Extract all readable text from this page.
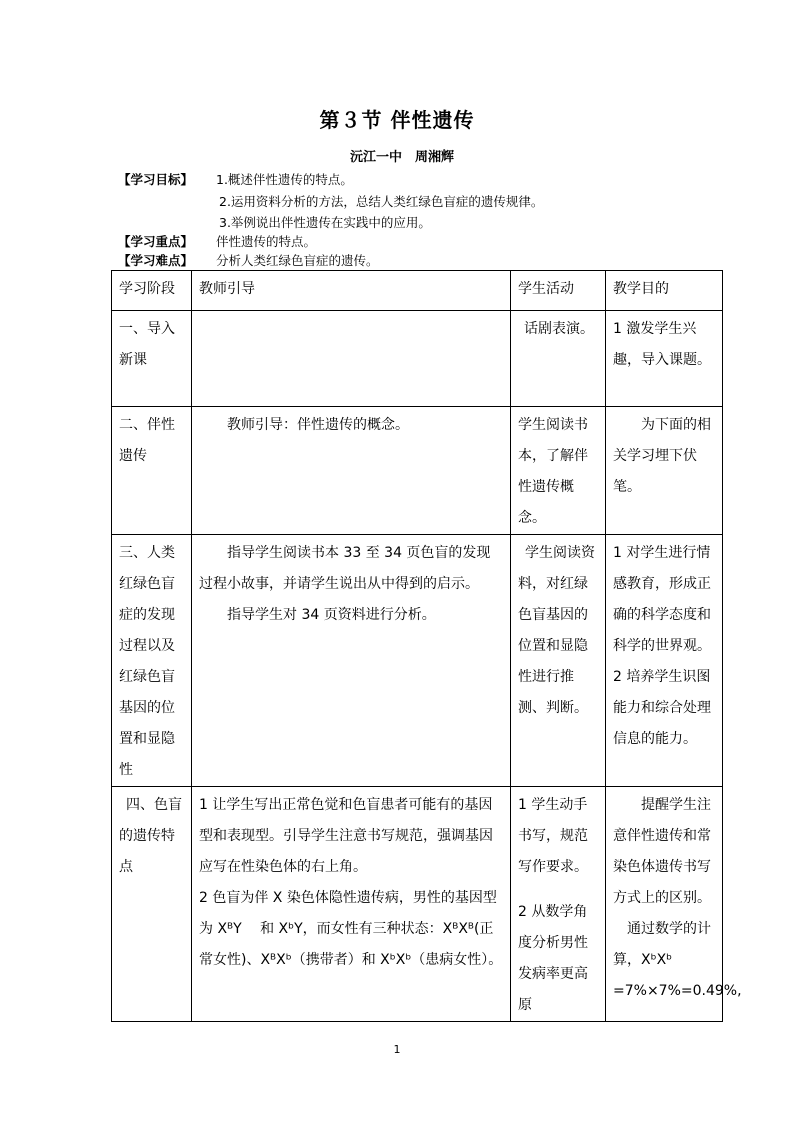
第３节 伴性遗传
沅江一中　周湘辉
【学习目标】 1.概述伴性遗传的特点。
2.运用资料分析的方法，总结人类红绿色盲症的遗传规律。
3.举例说出伴性遗传在实践中的应用。
【学习重点】 伴性遗传的特点。
【学习难点】 分析人类红绿色盲症的遗传。
学习阶段	教师引导	学生活动	教学目的
一、导入新课		话剧表演。	1 激发学生兴趣，导入课题。

二、伴性遗传	教师引导：伴性遗传的概念。	学生阅读书本，了解伴性遗传概念。	为下面的相关学习埋下伏笔。

三、人类红绿色盲症的发现过程以及红绿色盲基因的位置和显隐性	指导学生阅读书本 33 至 34 页色盲的发现过程小故事，并请学生说出从中得到的启示。
指导学生对 34 页资料进行分析。	学生阅读资料，对红绿色盲基因的位置和显隐性进行推测、判断。	1 对学生进行情感教育，形成正确的科学态度和科学的世界观。
2 培养学生识图能力和综合处理信息的能力。

四、色盲的遗传特点	1 让学生写出正常色觉和色盲患者可能有的基因型和表现型。引导学生注意书写规范，强调基因应写在性染色体的右上角。
2 色盲为伴 X 染色体隐性遗传病，男性的基因型为 XᴮY　 和 XᵇY，而女性有三种状态：XᴮXᴮ(正常女性)、XᴮXᵇ（携带者）和 XᵇXᵇ（患病女性）。	1 学生动手书写，规范写作要求。
2 从数学角度分析男性发病率更高原	提醒学生注意伴性遗传和常染色体遗传书写方式上的区别。
通过数学的计算，XᵇXᵇ =7%×7%=0.49%,
1
